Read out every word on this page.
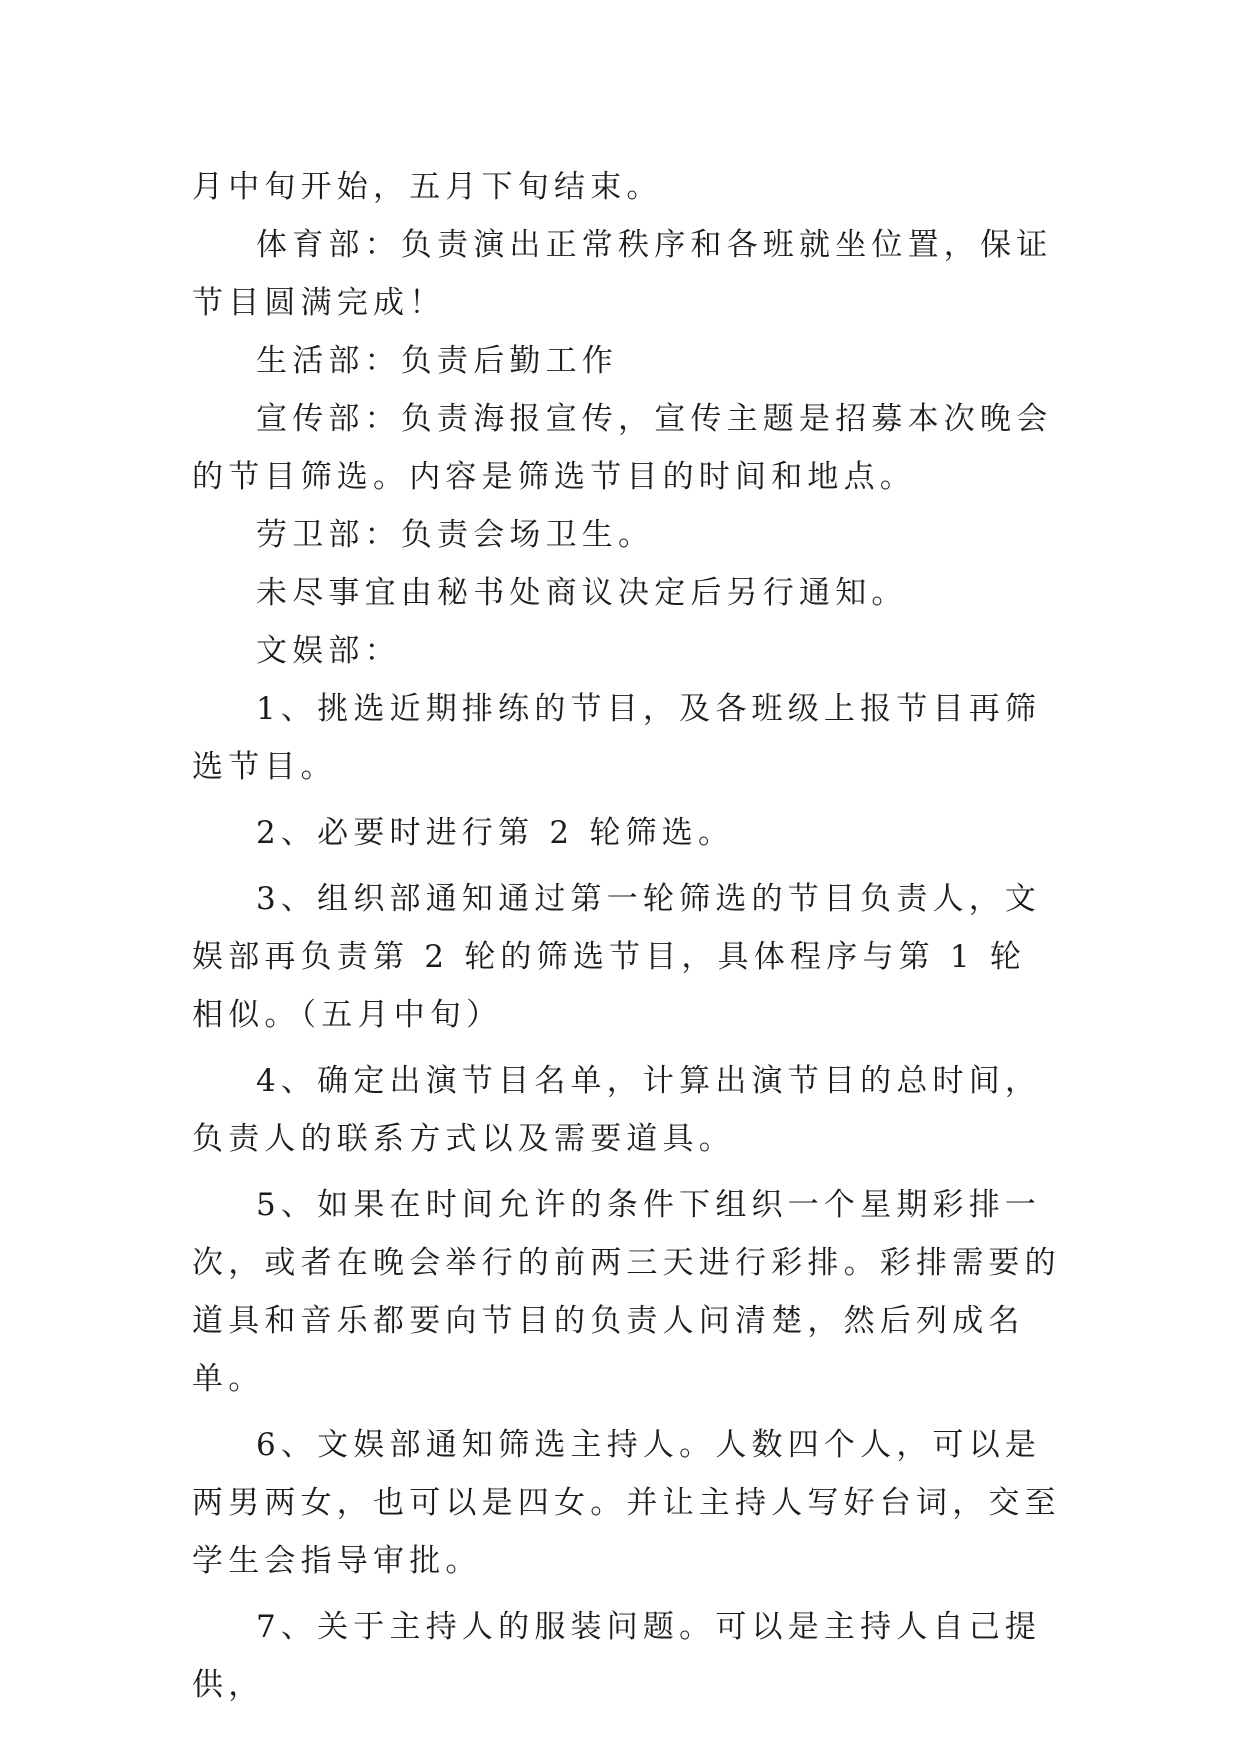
月中旬开始，五月下旬结束。

体育部：负责演出正常秩序和各班就坐位置，保证节目圆满完成！

生活部：负责后勤工作

宣传部：负责海报宣传，宣传主题是招募本次晚会的节目筛选。内容是筛选节目的时间和地点。

劳卫部：负责会场卫生。

未尽事宜由秘书处商议决定后另行通知。

文娱部：

1、挑选近期排练的节目，及各班级上报节目再筛选节目。

2、必要时进行第 2 轮筛选。

3、组织部通知通过第一轮筛选的节目负责人，文娱部再负责第 2 轮的筛选节目，具体程序与第 1 轮相似。（五月中旬）

4、确定出演节目名单，计算出演节目的总时间，负责人的联系方式以及需要道具。

5、如果在时间允许的条件下组织一个星期彩排一次，或者在晚会举行的前两三天进行彩排。彩排需要的道具和音乐都要向节目的负责人问清楚，然后列成名单。

6、文娱部通知筛选主持人。人数四个人，可以是两男两女，也可以是四女。并让主持人写好台词，交至学生会指导审批。

7、关于主持人的服装问题。可以是主持人自己提供，
